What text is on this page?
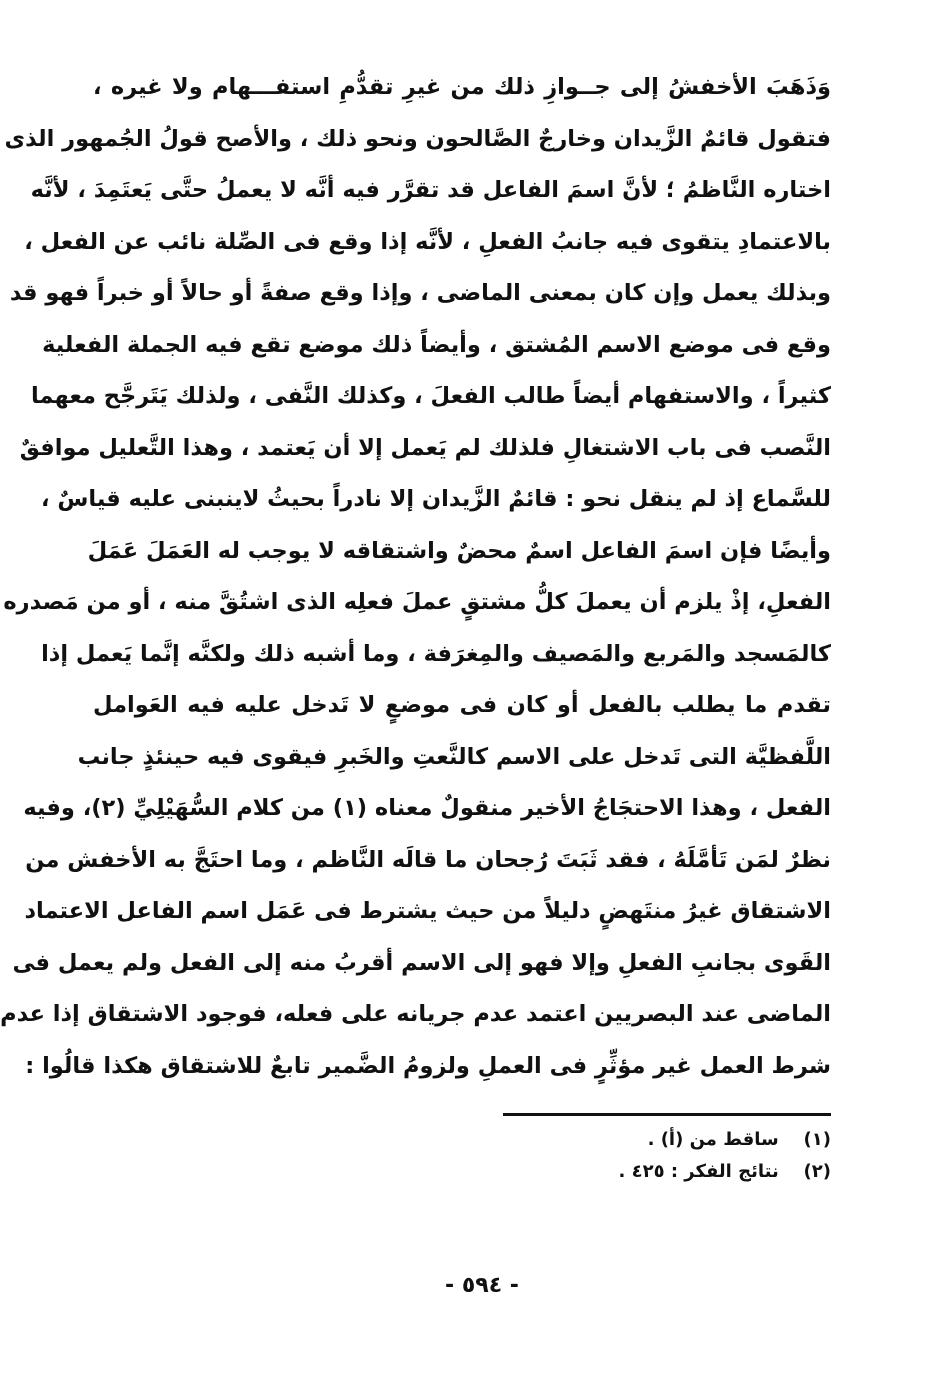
وَذَهَبَ الأخفشُ إلى جــوازِ ذلك من غيرِ تقدُّمِ استفـــهام ولا غيره ،
فتقول قائمٌ الزَّيدان وخارجٌ الصَّالحون ونحو ذلك ، والأصح قولُ الجُمهور الذى
اختاره النَّاظمُ ؛ لأنَّ اسمَ الفاعل قد تقرَّر فيه أنَّه لا يعملُ حتَّى يَعتَمِدَ ، لأنَّه
بالاعتمادِ يتقوى فيه جانبُ الفعلِ ، لأنَّه إذا وقع فى الصِّلة نائب عن الفعل ،
وبذلك يعمل وإن كان بمعنى الماضى ، وإذا وقع صفةً أو حالاً أو خبراً فهو قد
وقع فى موضع الاسم المُشتق ، وأيضاً ذلك موضع تقع فيه الجملة الفعلية
كثيراً ، والاستفهام أيضاً طالب الفعلَ ، وكذلك النَّفى ، ولذلك يَتَرجَّح معهما
النَّصب فى باب الاشتغالِ فلذلك لم يَعمل إلا أن يَعتمد ، وهذا التَّعليل موافقٌ
للسَّماع إذ لم ينقل نحو : قائمٌ الزَّيدان إلا نادراً بحيثُ لاينبنى عليه قياسٌ ،
وأيضًا فإن اسمَ الفاعل اسمٌ محضٌ واشتقاقه لا يوجب له العَمَلَ عَمَلَ
الفعلِ، إذْ يلزم أن يعملَ كلُّ مشتقٍ عملَ فعلِه الذى اشتُقَّ منه ، أو من مَصدره
كالمَسجد والمَربع والمَصيف والمِغرَفة ، وما أشبه ذلك ولكنَّه إنَّما يَعمل إذا
تقدم ما يطلب بالفعل أو كان فى موضعٍ لا تَدخل عليه فيه العَوامل
اللَّفظيَّة التى تَدخل على الاسم كالنَّعتِ والخَبرِ فيقوى فيه حينئذٍ جانب
الفعل ، وهذا الاحتجَاجُ الأخير منقولٌ معناه (١) من كلام السُّهَيْلِيِّ (٢)، وفيه
نظرٌ لمَن تَأمَّلَهُ ، فقد ثَبَتَ رُجحان ما قالَه النَّاظم ، وما احتَجَّ به الأخفش من
الاشتقاق غيرُ منتَهضٍ دليلاً من حيث يشترط فى عَمَل اسم الفاعل الاعتماد
القَوى بجانبِ الفعلِ وإلا فهو إلى الاسم أقربُ منه إلى الفعل ولم يعمل فى
الماضى عند البصريين اعتمد عدم جريانه على فعله، فوجود الاشتقاق إذا عدم
شرط العمل غير مؤثِّرٍ فى العملِ ولزومُ الضَّمير تابعٌ للاشتقاق هكذا قالُوا :
(١) ساقط من (أ) .
(٢) نتائج الفكر : ٤٢٥ .
- ٥٩٤ -
